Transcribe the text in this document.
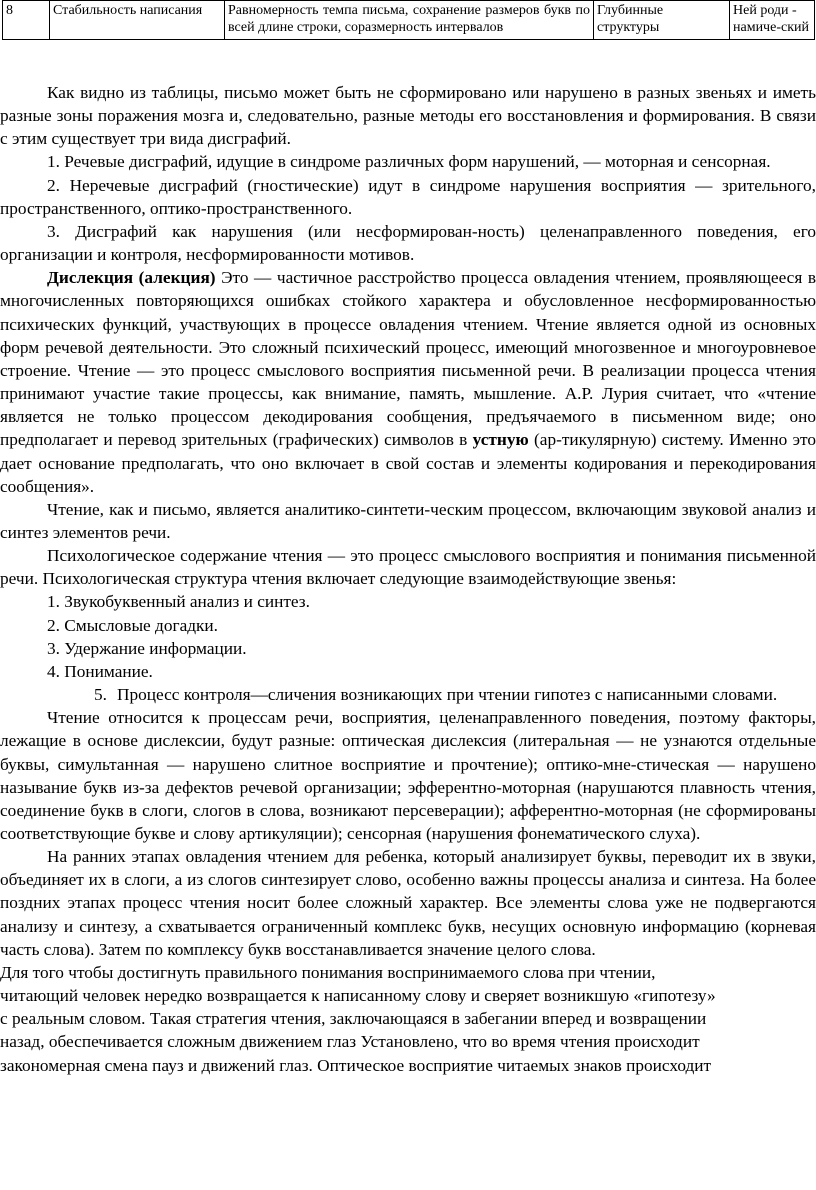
8	Стабильность написания	Равномерность темпа письма, сохранение размеров букв по всей длине строки, соразмерность интервалов	Глубинные структуры	Ней роди - намиче-ский

Как видно из таблицы, письмо может быть не сформировано или нарушено в разных звеньях и иметь разные зоны поражения мозга и, следовательно, разные методы его восстановления и формирования. В связи с этим существует три вида дисграфий.

1. Речевые дисграфий, идущие в синдроме различных форм нарушений, — моторная и сенсорная.

2. Неречевые дисграфий (гностические) идут в синдроме нарушения восприятия — зрительного, пространственного, оптико-пространственного.

3. Дисграфий как нарушения (или несформирован-ность) целенаправленного поведения, его организации и контроля, несформированности мотивов.

Дислекция (алекция) Это — частичное расстройство процесса овладения чтением, проявляющееся в многочисленных повторяющихся ошибках стойкого характера и обусловленное несформированностью психических функций, участвующих в процессе овладения чтением. Чтение является одной из основных форм речевой деятельности. Это сложный психический процесс, имеющий многозвенное и многоуровневое строение. Чтение — это процесс смыслового восприятия письменной речи. В реализации процесса чтения принимают участие такие процессы, как внимание, память, мышление. А.Р. Лурия считает, что «чтение является не только процессом декодирования сообщения, предъячаемого в письменном виде; оно предполагает и перевод зрительных (графических) символов в устную (ар-тикулярную) систему. Именно это дает основание предполагать, что оно включает в свой состав и элементы кодирования и перекодирования сообщения».

Чтение, как и письмо, является аналитико-синтети-ческим процессом, включающим звуковой анализ и синтез элементов речи.

Психологическое содержание чтения — это процесс смыслового восприятия и понимания письменной речи. Психологическая структура чтения включает следующие взаимодействующие звенья:

1. Звукобуквенный анализ и синтез.

2. Смысловые догадки.

3. Удержание информации.

4. Понимание.

5. Процесс контроля—сличения возникающих при чтении гипотез с написанными словами.

Чтение относится к процессам речи, восприятия, целенаправленного поведения, поэтому факторы, лежащие в основе дислексии, будут разные: оптическая дислексия (литеральная — не узнаются отдельные буквы, симультанная — нарушено слитное восприятие и прочтение); оптико-мне-стическая — нарушено называние букв из-за дефектов речевой организации; эфферентно-моторная (нарушаются плавность чтения, соединение букв в слоги, слогов в слова, возникают персеверации); афферентно-моторная (не сформированы соответствующие букве и слову артикуляции); сенсорная (нарушения фонематического слуха).

На ранних этапах овладения чтением для ребенка, который анализирует буквы, переводит их в звуки, объединяет их в слоги, а из слогов синтезирует слово, особенно важны процессы анализа и синтеза. На более поздних этапах процесс чтения носит более сложный характер. Все элементы слова уже не подвергаются анализу и синтезу, а схватывается ограниченный комплекс букв, несущих основную информацию (корневая часть слова). Затем по комплексу букв восстанавливается значение целого слова.

Для того чтобы достигнуть правильного понимания воспринимаемого слова при чтении,

читающий человек нередко возвращается к написанному слову и сверяет возникшую «гипотезу»

с реальным словом. Такая стратегия чтения, заключающаяся в забегании вперед и возвращении

назад, обеспечивается сложным движением глаз Установлено, что во время чтения происходит

закономерная смена пауз и движений глаз. Оптическое восприятие читаемых знаков происходит
